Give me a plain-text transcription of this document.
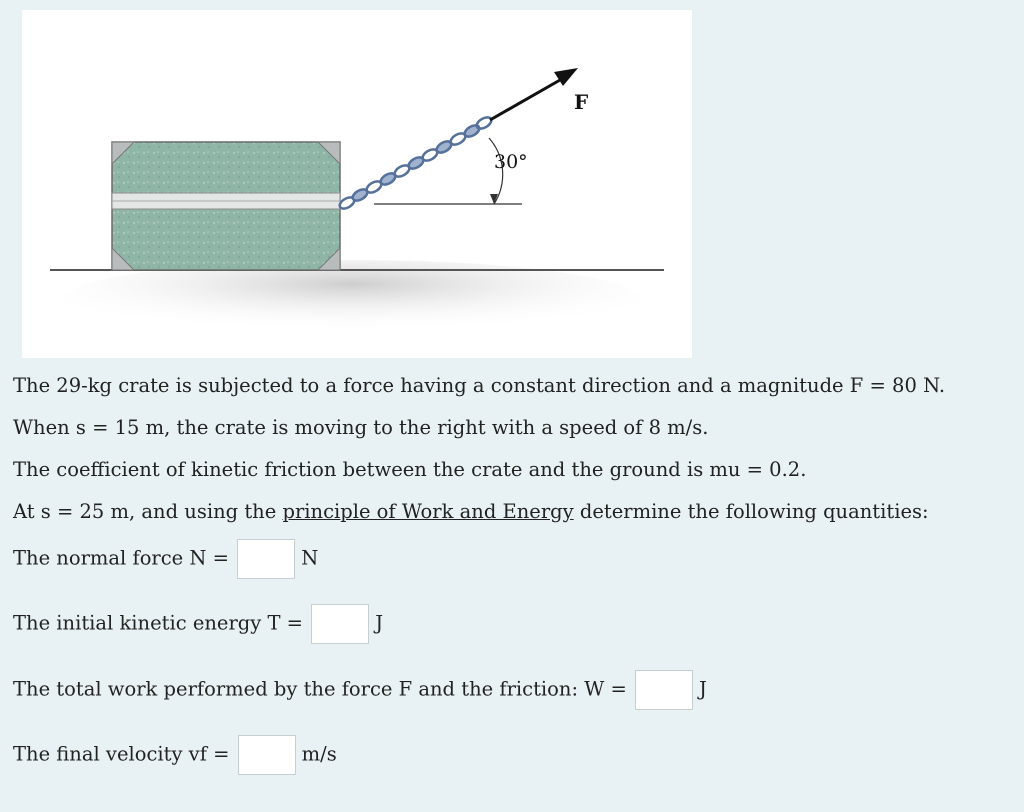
F
30°
The 29-kg crate is subjected to a force having a constant direction and a magnitude F = 80 N.
When s = 15 m, the crate is moving to the right with a speed of 8 m/s.
The coefficient of kinetic friction between the crate and the ground is mu = 0.2.
At s = 25 m, and using the principle of Work and Energy determine the following quantities:
The normal force N =	N
The initial kinetic energy T =	J
The total work performed by the force F and the friction: W =	J
The final velocity vf =	m/s
